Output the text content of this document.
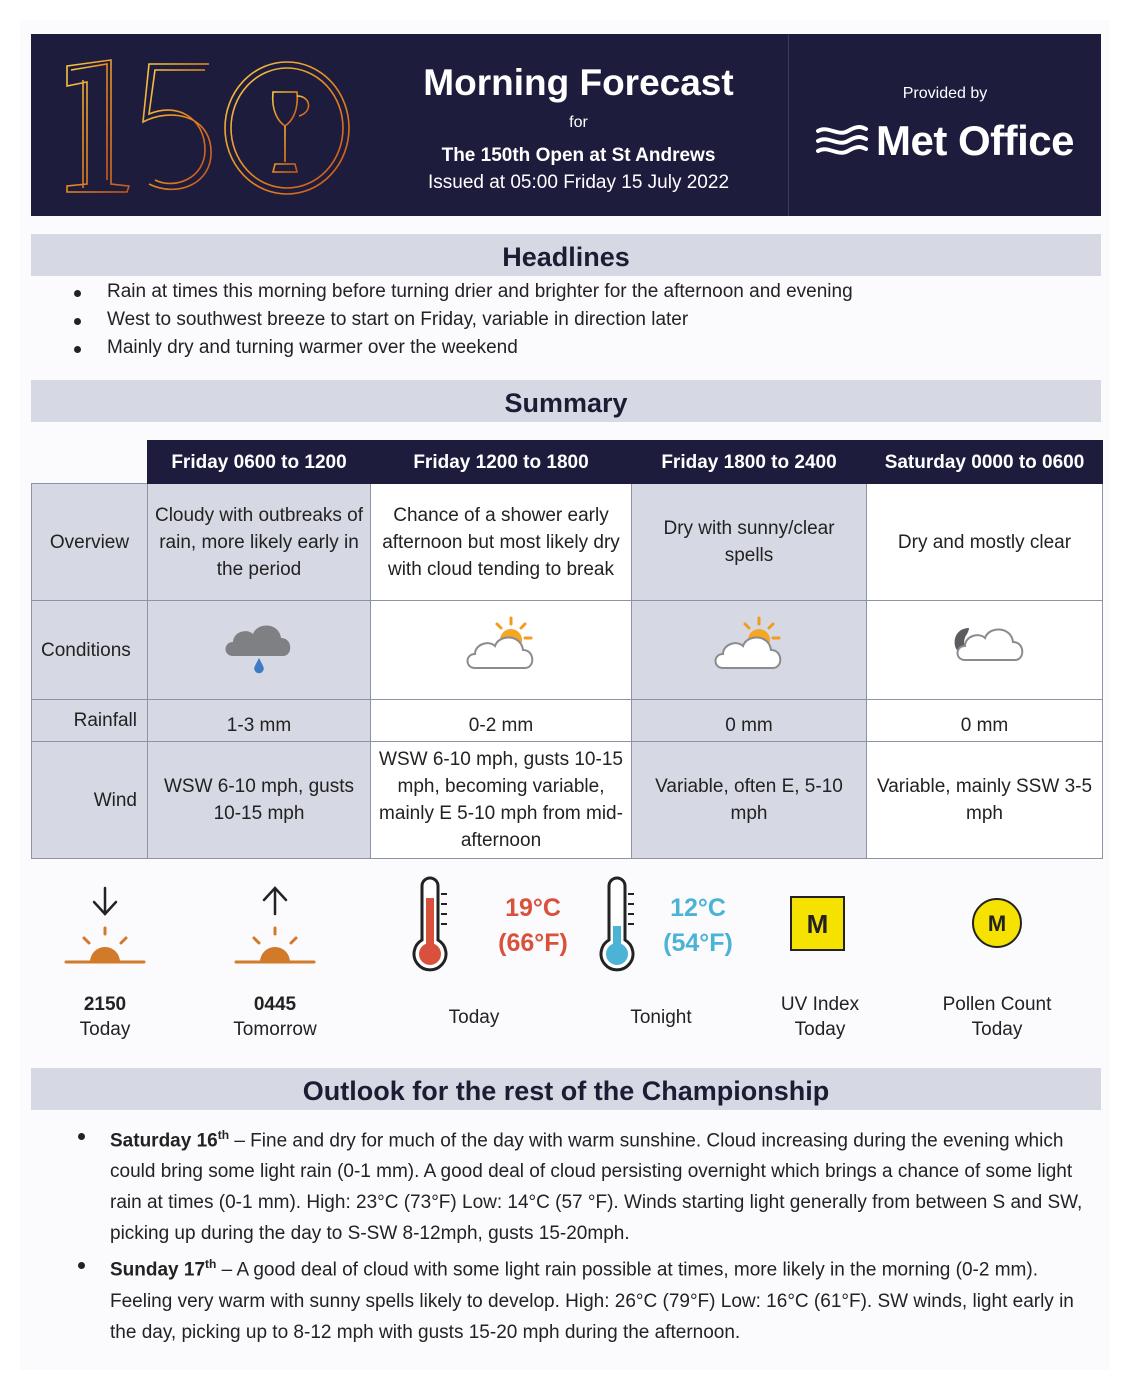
Morning Forecast
for
The 150th Open at St Andrews
Issued at 05:00 Friday 15 July 2022
Provided by
Met Office
Headlines
Rain at times this morning before turning drier and brighter for the afternoon and evening
West to southwest breeze to start on Friday, variable in direction later
Mainly dry and turning warmer over the weekend
Summary
	Friday 0600 to 1200	Friday 1200 to 1800	Friday 1800 to 2400	Saturday 0000 to 0600
Overview	Cloudy with outbreaks of rain, more likely early in the period	Chance of a shower early afternoon but most likely dry with cloud tending to break	Dry with sunny/clear spells	Dry and mostly clear
Conditions				
Rainfall	1-3 mm	0-2 mm	0 mm	0 mm
Wind	WSW 6-10 mph, gusts 10-15 mph	WSW 6-10 mph, gusts 10-15 mph, becoming variable, mainly E 5-10 mph from mid-afternoon	Variable, often E, 5-10 mph	Variable, mainly SSW 3-5 mph
2150
Today
0445
Tomorrow
19°C
(66°F)
Today
12°C
(54°F)
Tonight
M
UV Index
Today
M
Pollen Count
Today
Outlook for the rest of the Championship
Saturday 16th – Fine and dry for much of the day with warm sunshine. Cloud increasing during the evening which could bring some light rain (0-1 mm). A good deal of cloud persisting overnight which brings a chance of some light rain at times (0-1 mm). High: 23°C (73°F) Low: 14°C (57 °F). Winds starting light generally from between S and SW, picking up during the day to S-SW 8-12mph, gusts 15-20mph.
Sunday 17th – A good deal of cloud with some light rain possible at times, more likely in the morning (0-2 mm). Feeling very warm with sunny spells likely to develop. High: 26°C (79°F) Low: 16°C (61°F). SW winds, light early in the day, picking up to 8-12 mph with gusts 15-20 mph during the afternoon.
